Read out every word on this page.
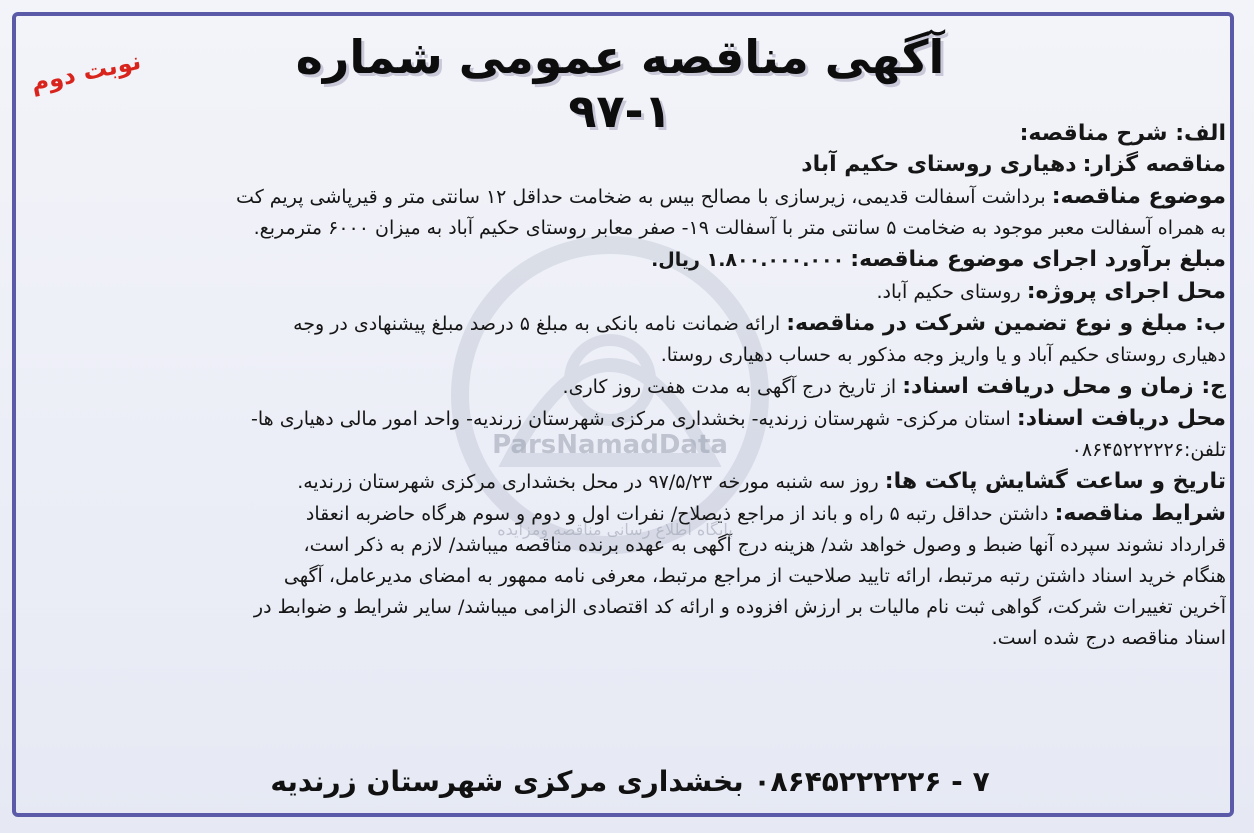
ParsNamadData
پایگاه اطلاع رسانی مناقصه ومزایده
نوبت دوم	آگهی مناقصه عمومی شماره ۱-۹۷	الف: شرح مناقصه:
مناقصه گزار: دهیاری روستای حکیم آباد
موضوع مناقصه: برداشت آسفالت قدیمی، زیرسازی با مصالح بیس به ضخامت حداقل ۱۲ سانتی متر و قیرپاشی پریم کت
به همراه آسفالت معبر موجود به ضخامت ۵ سانتی متر با آسفالت ۱۹- صفر معابر روستای حکیم آباد به میزان ۶۰۰۰ مترمربع.
مبلغ برآورد اجرای موضوع مناقصه: ۱.۸۰۰.۰۰۰.۰۰۰ ریال.
محل اجرای پروژه: روستای حکیم آباد.
ب: مبلغ و نوع تضمین شرکت در مناقصه: ارائه ضمانت نامه بانکی به مبلغ ۵ درصد مبلغ پیشنهادی در وجه
دهیاری روستای حکیم آباد و یا واریز وجه مذکور به حساب دهیاری روستا.
ج: زمان و محل دریافت اسناد: از تاریخ درج آگهی به مدت هفت روز کاری.
محل دریافت اسناد: استان مرکزی- شهرستان زرندیه- بخشداری مرکزی شهرستان زرندیه- واحد امور مالی دهیاری ها-
تلفن:۰۸۶۴۵۲۲۲۲۲۶
تاریخ و ساعت گشایش پاکت ها: روز سه شنبه مورخه ۹۷/۵/۲۳ در محل بخشداری مرکزی شهرستان زرندیه.
شرایط مناقصه: داشتن حداقل رتبه ۵ راه و باند از مراجع ذیصلاح/ نفرات اول و دوم و سوم هرگاه حاضربه انعقاد
قرارداد نشوند سپرده آنها ضبط و وصول خواهد شد/ هزینه درج آگهی به عهده برنده مناقصه میباشد/ لازم به ذکر است،
هنگام خرید اسناد داشتن رتبه مرتبط، ارائه تایید صلاحیت از مراجع مرتبط، معرفی نامه ممهور به امضای مدیرعامل، آگهی
آخرین تغییرات شرکت، گواهی ثبت نام مالیات بر ارزش افزوده و ارائه کد اقتصادی الزامی میباشد/ سایر شرایط و ضوابط در
اسناد مناقصه درج شده است.
۷ - ۰۸۶۴۵۲۲۲۲۲۶ بخشداری مرکزی شهرستان زرندیه
